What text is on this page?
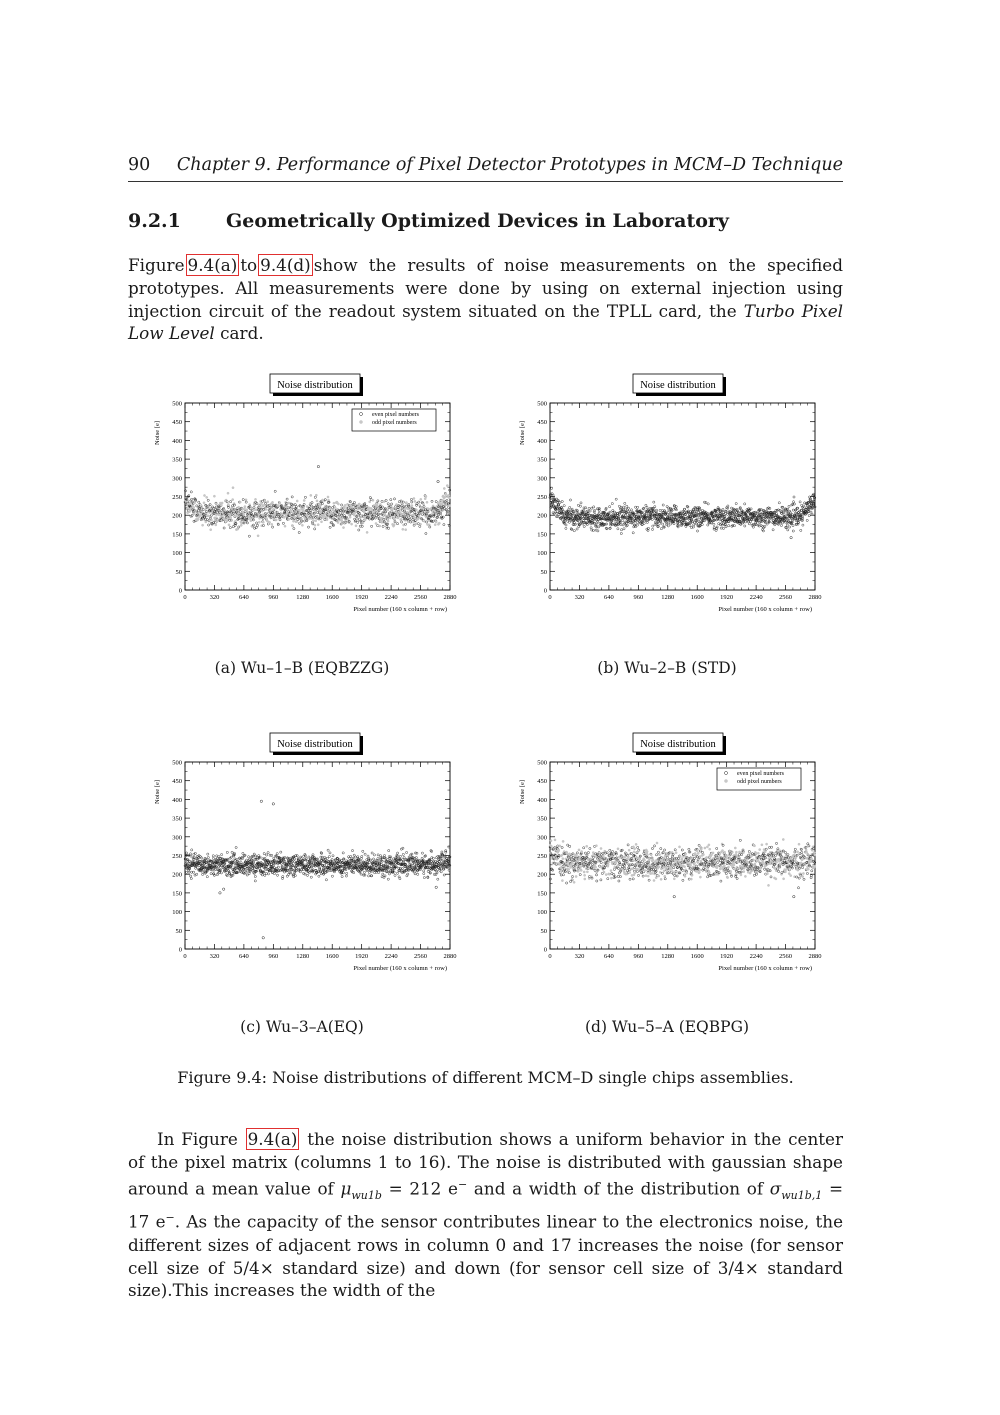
90 Chapter 9. Performance of Pixel Detector Prototypes in MCM–D Technique
9.2.1 Geometrically Optimized Devices in Laboratory
Figure 9.4(a) to 9.4(d) show the results of noise measurements on the specified prototypes. All measurements were done by using on external injection using injection circuit of the readout system situated on the TPLL card, the Turbo Pixel Low Level card.
Noise distribution
0
50
100
150
200
250
300
350
400
450
500
0	320	640	960	1280	1600	1920	2240	2560	2880
Pixel number (160 x column + row)
Noise [e]
even pixel numbers
odd pixel numbers
Noise distribution
0
50
100
150
200
250
300
350
400
450
500
0	320	640	960	1280	1600	1920	2240	2560	2880
Pixel number (160 x column + row)
Noise [e]
Noise distribution
0
50
100
150
200
250
300
350
400
450
500
0	320	640	960	1280	1600	1920	2240	2560	2880
Pixel number (160 x column + row)
Noise [e]
Noise distribution
0
50
100
150
200
250
300
350
400
450
500
0	320	640	960	1280	1600	1920	2240	2560	2880
Pixel number (160 x column + row)
Noise [e]
even pixel numbers
odd pixel numbers
(a) Wu–1–B (EQBZZG)	(b) Wu–2–B (STD)
(c) Wu–3–A(EQ)	(d) Wu–5–A (EQBPG)
Figure 9.4: Noise distributions of different MCM–D single chips assemblies.
In Figure 9.4(a) the noise distribution shows a uniform behavior in the center of the pixel matrix (columns 1 to 16). The noise is distributed with gaussian shape around a mean value of $\mu_{wu1b} = 212$ e− and a width of the distribution of $\sigma_{wu1b,1} = 17$ e−. As the capacity of the sensor contributes linear to the electronics noise, the different sizes of adjacent rows in column 0 and 17 increases the noise (for sensor cell size of 5/4× standard size) and down (for sensor cell size of 3/4× standard size).This increases the width of the
